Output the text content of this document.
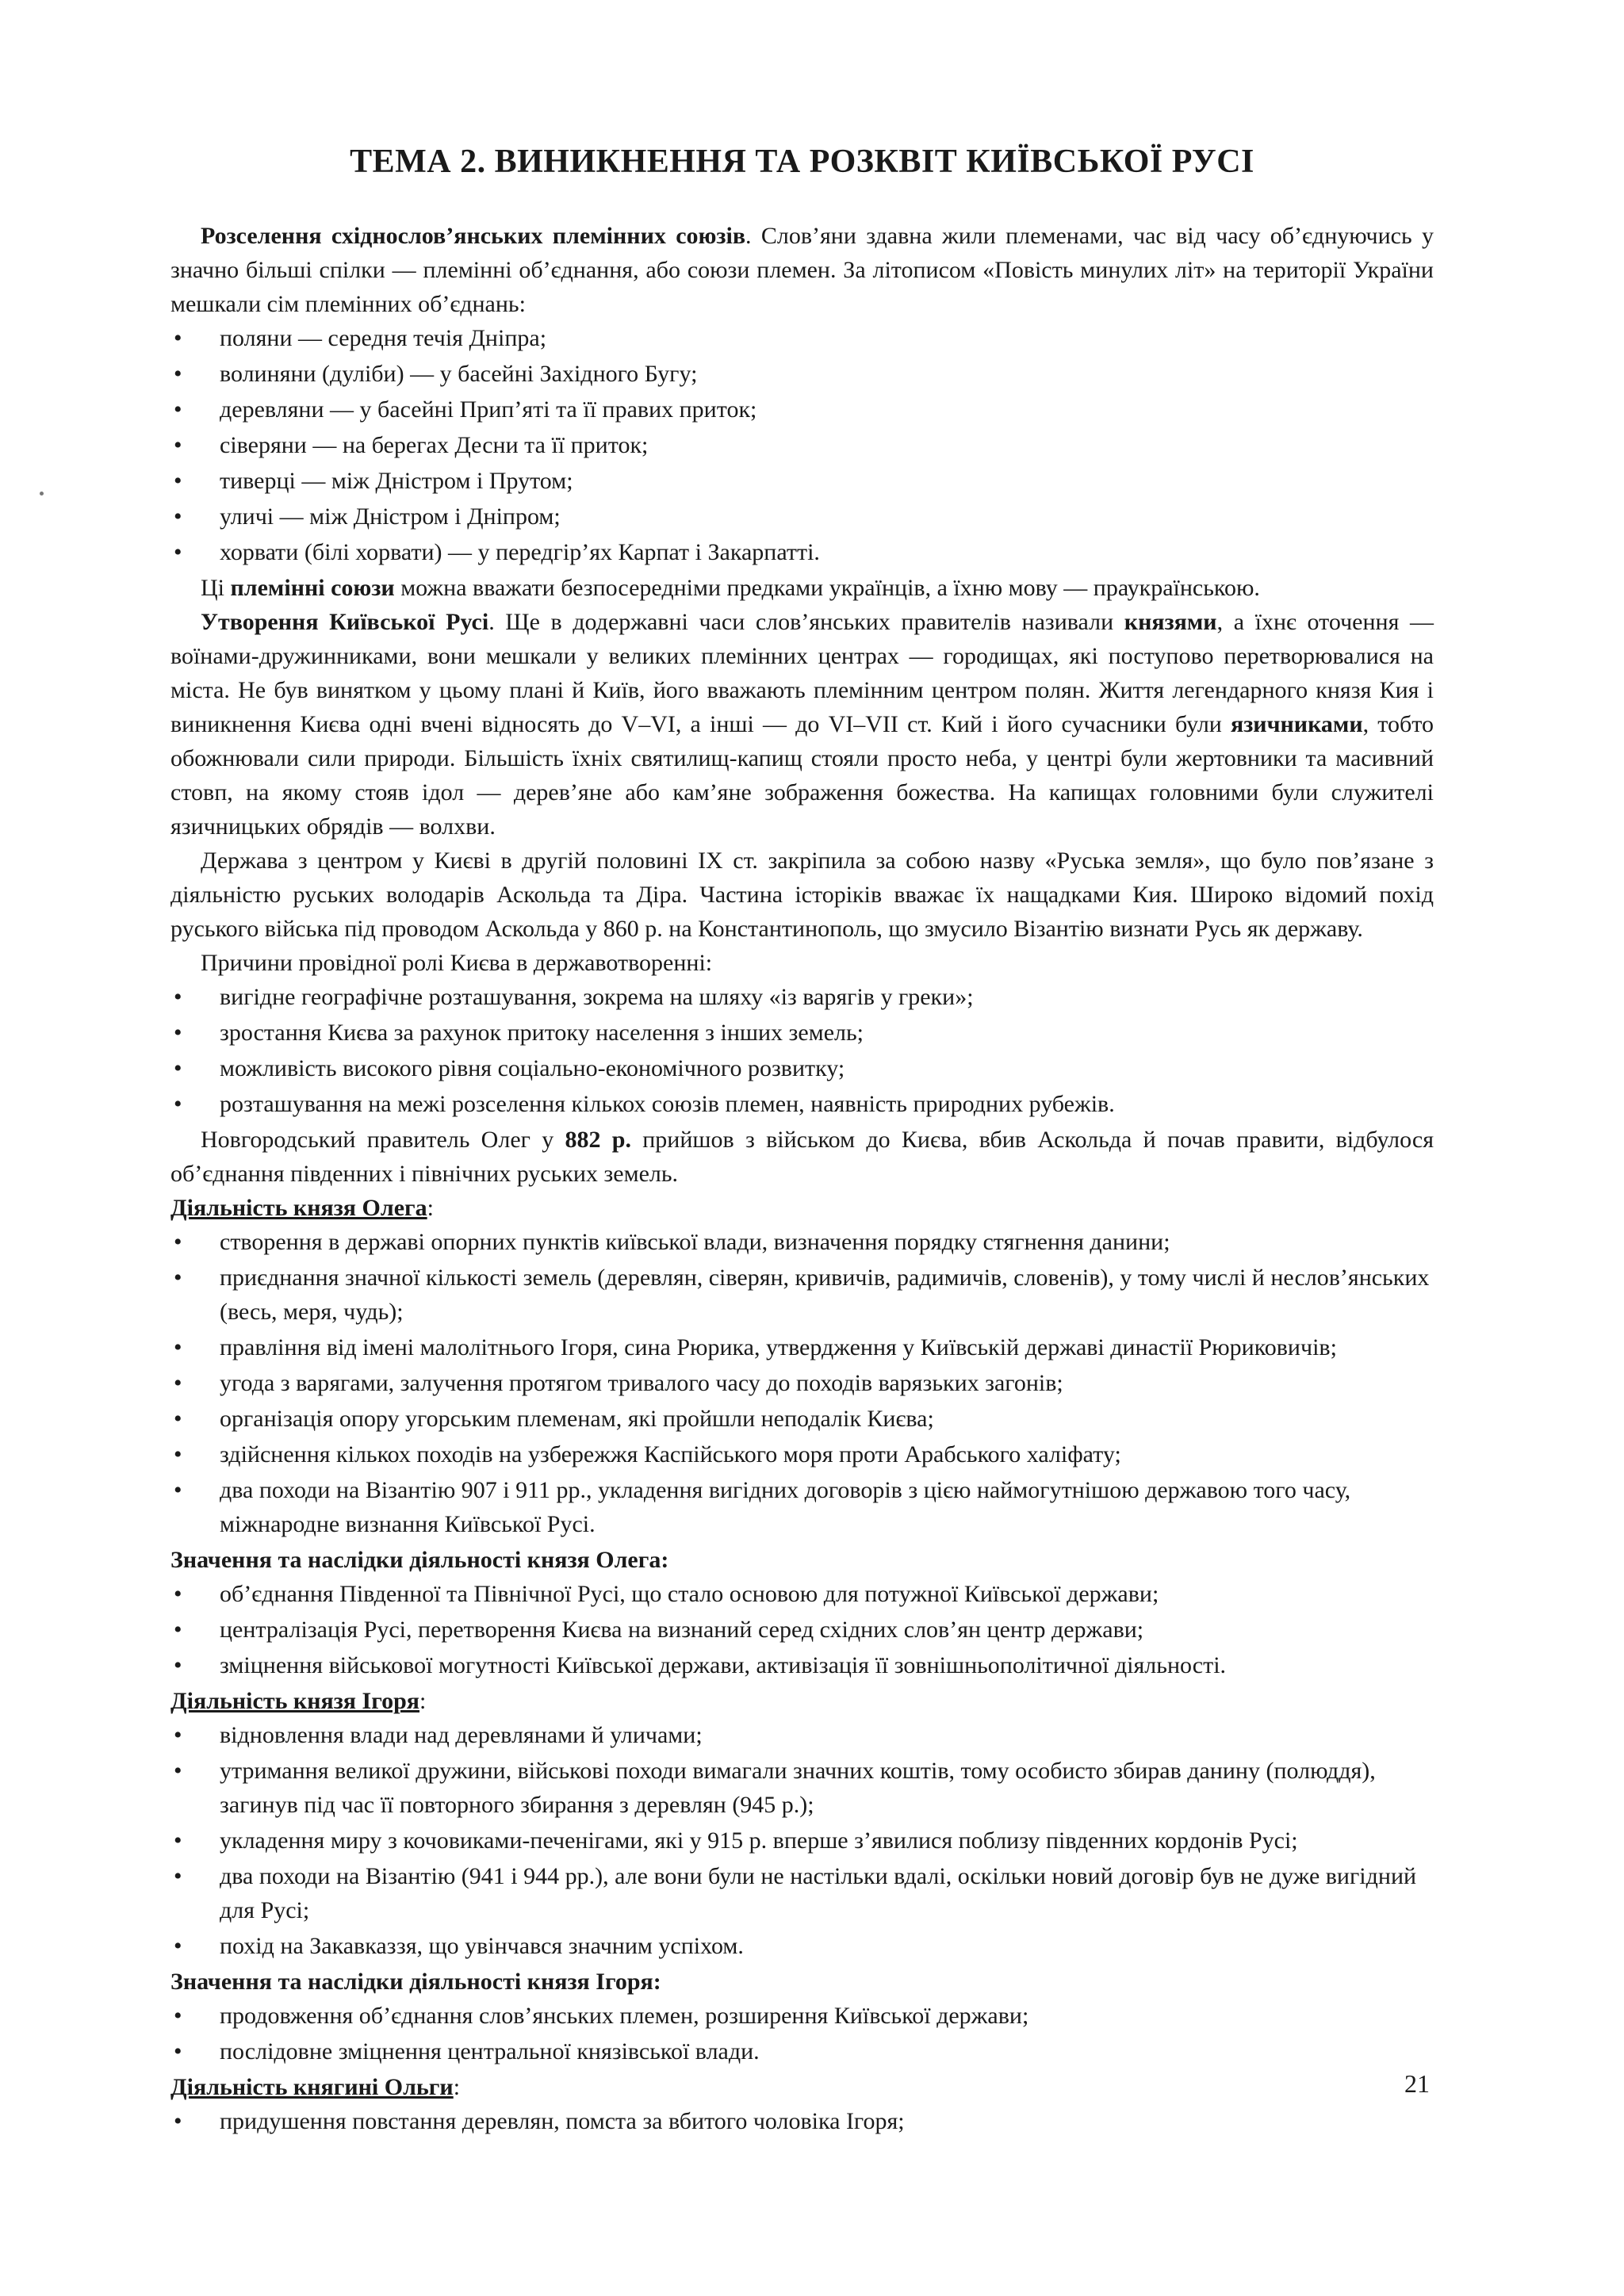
ТЕМА 2. ВИНИКНЕННЯ ТА РОЗКВІТ КИЇВСЬКОЇ РУСІ

Розселення східнослов’янських племінних союзів. Слов’яни здавна жили племенами, час від часу об’єднуючись у значно більші спілки — племінні об’єднання, або союзи племен. За літописом «Повість минулих літ» на території України мешкали сім племінних об’єднань:

• поляни — середня течія Дніпра;
• волиняни (дуліби) — у басейні Західного Бугу;
• деревляни — у басейні Прип’яті та її правих приток;
• сіверяни — на берегах Десни та її приток;
• тиверці — між Дністром і Прутом;
• уличі — між Дністром і Дніпром;
• хорвати (білі хорвати) — у передгір’ях Карпат і Закарпатті.

Ці племінні союзи можна вважати безпосередніми предками українців, а їхню мову — праукраїнською.

Утворення Київської Русі. Ще в додержавні часи слов’янських правителів називали князями, а їхнє оточення — воїнами-дружинниками, вони мешкали у великих племінних центрах — городищах, які поступово перетворювалися на міста. Не був винятком у цьому плані й Київ, його вважають племінним центром полян. Життя легендарного князя Кия і виникнення Києва одні вчені відносять до V–VI, а інші — до VI–VII ст. Кий і його сучасники були язичниками, тобто обожнювали сили природи. Більшість їхніх святилищ-капищ стояли просто неба, у центрі були жертовники та масивний стовп, на якому стояв ідол — дерев’яне або кам’яне зображення божества. На капищах головними були служителі язичницьких обрядів — волхви.

Держава з центром у Києві в другій половині IX ст. закріпила за собою назву «Руська земля», що було пов’язане з діяльністю руських володарів Аскольда та Діра. Частина історіків вважає їх нащадками Кия. Широко відомий похід руського війська під проводом Аскольда у 860 р. на Константинополь, що змусило Візантію визнати Русь як державу.

Причини провідної ролі Києва в державотворенні:

• вигідне географічне розташування, зокрема на шляху «із варягів у греки»;
• зростання Києва за рахунок притоку населення з інших земель;
• можливість високого рівня соціально-економічного розвитку;
• розташування на межі розселення кількох союзів племен, наявність природних рубежів.

Новгородський правитель Олег у 882 р. прийшов з військом до Києва, вбив Аскольда й почав правити, відбулося об’єднання південних і північних руських земель.

Діяльність князя Олега:

• створення в державі опорних пунктів київської влади, визначення порядку стягнення данини;
• приєднання значної кількості земель (деревлян, сіверян, кривичів, радимичів, словенів), у тому числі й неслов’янських (весь, меря, чудь);
• правління від імені малолітнього Ігоря, сина Рюрика, утвердження у Київській державі династії Рюриковичів;
• угода з варягами, залучення протягом тривалого часу до походів варязьких загонів;
• організація опору угорським племенам, які пройшли неподалік Києва;
• здійснення кількох походів на узбережжя Каспійського моря проти Арабського халіфату;
• два походи на Візантію 907 і 911 рр., укладення вигідних договорів з цією наймогутнішою державою того часу, міжнародне визнання Київської Русі.

Значення та наслідки діяльності князя Олега:

• об’єднання Південної та Північної Русі, що стало основою для потужної Київської держави;
• централізація Русі, перетворення Києва на визнаний серед східних слов’ян центр держави;
• зміцнення військової могутності Київської держави, активізація її зовнішньополітичної діяльності.

Діяльність князя Ігоря:

• відновлення влади над деревлянами й уличами;
• утримання великої дружини, військові походи вимагали значних коштів, тому особисто збирав данину (полюддя), загинув під час її повторного збирання з деревлян (945 р.);
• укладення миру з кочовиками-печенігами, які у 915 р. вперше з’явилися поблизу південних кордонів Русі;
• два походи на Візантію (941 і 944 рр.), але вони були не настільки вдалі, оскільки новий договір був не дуже вигідний для Русі;
• похід на Закавказзя, що увінчався значним успіхом.

Значення та наслідки діяльності князя Ігоря:

• продовження об’єднання слов’янських племен, розширення Київської держави;
• послідовне зміцнення центральної князівської влади.

Діяльність княгині Ольги:

• придушення повстання деревлян, помста за вбитого чоловіка Ігоря;
21
